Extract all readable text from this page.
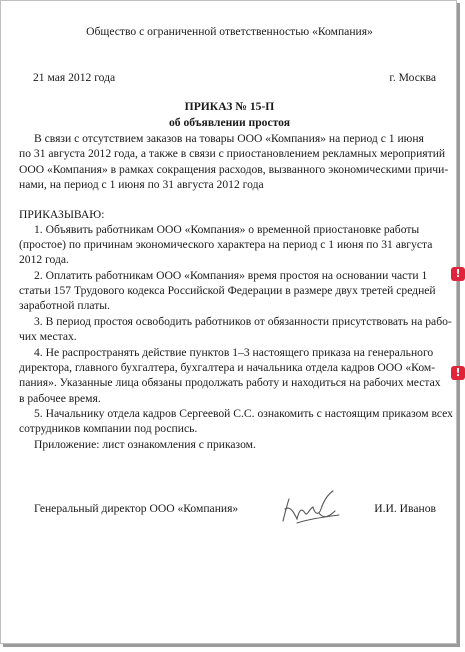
Общество с ограниченной ответственностью «Компания»
21 мая 2012 года	г. Москва
ПРИКАЗ № 15-П
об объявлении простоя
В связи с отсутствием заказов на товары ООО «Компания» на период с 1 июня
по 31 августа 2012 года, а также в связи с приостановлением рекламных мероприятий
ООО «Компания» в рамках сокращения расходов, вызванного экономическими причи-
нами, на период с 1 июня по 31 августа 2012 года
ПРИКАЗЫВАЮ:
1. Объявить работникам ООО «Компания» о временной приостановке работы
(простое) по причинам экономического характера на период с 1 июня по 31 августа
2012 года.
2. Оплатить работникам ООО «Компания» время простоя на основании части 1
статьи 157 Трудового кодекса Российской Федерации в размере двух третей средней
заработной платы.
3. В период простоя освободить работников от обязанности присутствовать на рабо-
чих местах.
4. Не распространять действие пунктов 1–3 настоящего приказа на генерального
директора, главного бухгалтера, бухгалтера и начальника отдела кадров ООО «Ком-
пания». Указанные лица обязаны продолжать работу и находиться на рабочих местах
в рабочее время.
5. Начальнику отдела кадров Сергеевой С.С. ознакомить с настоящим приказом всех
сотрудников компании под роспись.
Приложение: лист ознакомления с приказом.
Генеральный директор ООО «Компания»	И.И. Иванов
!
!
